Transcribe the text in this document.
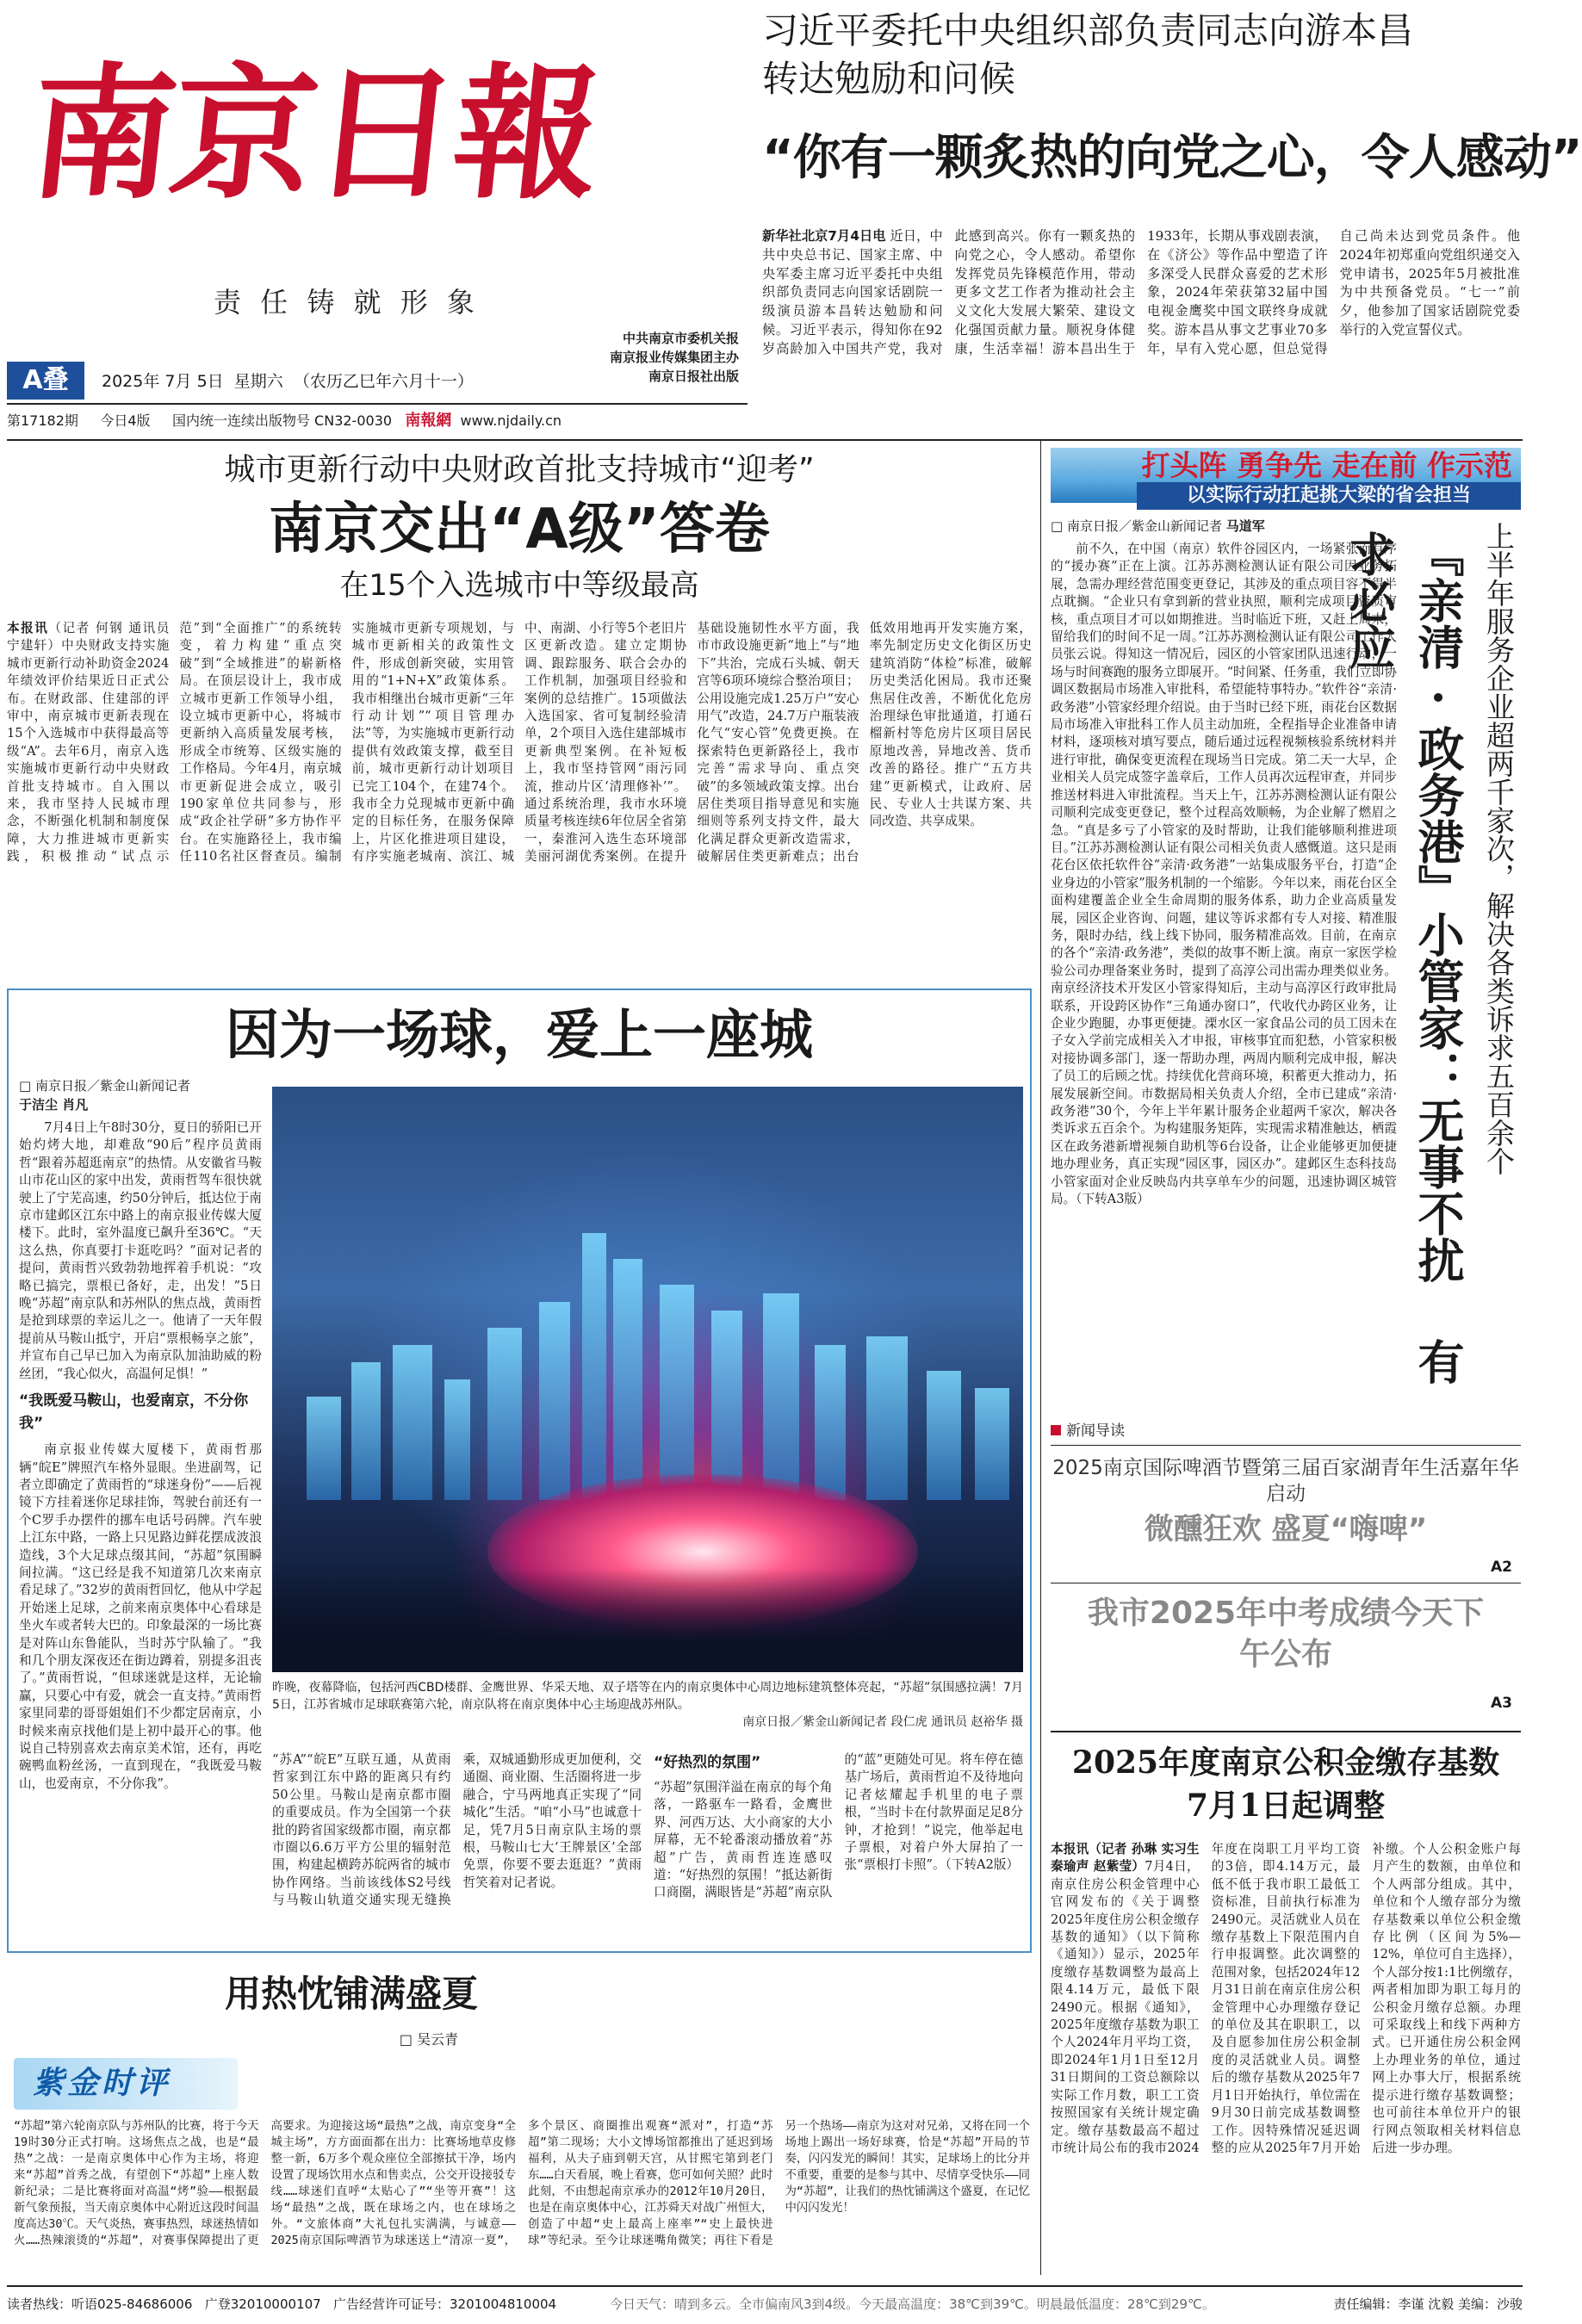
南京日報
责 任 铸 就 形 象
A叠	2025年 7月 5日 星期六 （农历乙巳年六月十一）
中共南京市委机关报
南京报业传媒集团主办
南京日报社出版
第17182期 今日4版 国内统一连续出版物号 CN32-0030 南報網 www.njdaily.cn
习近平委托中央组织部负责同志向游本昌
转达勉励和问候
“你有一颗炙热的向党之心，令人感动”
新华社北京7月4日电 近日，中共中央总书记、国家主席、中央军委主席习近平委托中央组织部负责同志向国家话剧院一级演员游本昌转达勉励和问候。习近平表示，得知你在92岁高龄加入中国共产党，我对此感到高兴。你有一颗炙热的向党之心，令人感动。希望你发挥党员先锋模范作用，带动更多文艺工作者为推动社会主义文化大发展大繁荣、建设文化强国贡献力量。顺祝身体健康，生活幸福！游本昌出生于1933年，长期从事戏剧表演，在《济公》等作品中塑造了许多深受人民群众喜爱的艺术形象，2024年荣获第32届中国电视金鹰奖中国文联终身成就奖。游本昌从事文艺事业70多年，早有入党心愿，但总觉得自己尚未达到党员条件。他2024年初郑重向党组织递交入党申请书，2025年5月被批准为中共预备党员。“七一”前夕，他参加了国家话剧院党委举行的入党宣誓仪式。
城市更新行动中央财政首批支持城市“迎考”
南京交出“A级”答卷
在15个入选城市中等级最高
本报讯（记者 何钢 通讯员 宁建轩）中央财政支持实施城市更新行动补助资金2024年绩效评价结果近日正式公布。在财政部、住建部的评审中，南京城市更新表现在15个入选城市中获得最高等级“A”。去年6月，南京入选实施城市更新行动中央财政首批支持城市。自入围以来，我市坚持人民城市理念，不断强化机制和制度保障，大力推进城市更新实践，积极推动“试点示范”到“全面推广”的系统转变，着力构建“重点突破”到“全域推进”的崭新格局。在顶层设计上，我市成立城市更新工作领导小组，设立城市更新中心，将城市更新纳入高质量发展考核，形成全市统筹、区级实施的工作格局。今年4月，南京城市更新促进会成立，吸引190家单位共同参与，形成“政企社学研”多方协作平台。在实施路径上，我市编任110名社区督查员。编制实施城市更新专项规划，与城市更新相关的政策性文件，形成创新突破，实用管用的“1+N+X”政策体系。我市相继出台城市更新“三年行动计划”“项目管理办法”等，为实施城市更新行动提供有效政策支撑，截至目前，城市更新行动计划项目已完工104个，在建74个。我市全力兑现城市更新中确定的目标任务，在服务保障上，片区化推进项目建设，有序实施老城南、滨江、城中、南湖、小行等5个老旧片区更新改造。建立定期协调、跟踪服务、联合会办的工作机制，加强项目经验和案例的总结推广。15项做法入选国家、省可复制经验清单，2个项目入选住建部城市更新典型案例。在补短板上，我市坚持管网“雨污同流，推动片区‘清理修补’”。通过系统治理，我市水环境质量考核连续6年位居全省第一，秦淮河入选生态环境部美丽河湖优秀案例。在提升基础设施韧性水平方面，我市市政设施更新“地上”与“地下”共治，完成石头城、朝天宫等6项环境综合整治项目；公用设施完成1.25万户“安心用气”改造，24.7万户瓶装液化气“安心管”免费更换。在探索特色更新路径上，我市完善“需求导向、重点突破”的多领域政策支撑。出台居住类项目指导意见和实施细则等系列支持文件，最大化满足群众更新改造需求，破解居住类更新难点；出台低效用地再开发实施方案，率先制定历史文化街区历史建筑消防“体检”标准，破解历史类活化困局。我市还聚焦居住改善，不断优化危房治理绿色审批通道，打通石榴新村等危房片区项目居民原地改善，异地改善、货币改善的路径。推广“五方共建”更新模式，让政府、居民、专业人士共谋方案、共同改造、共享成果。
因为一场球，爱上一座城
□ 南京日报／紫金山新闻记者
于洁尘 肖凡
7月4日上午8时30分，夏日的骄阳已开始灼烤大地，却难敌“90后”程序员黄雨哲“跟着苏超逛南京”的热情。从安徽省马鞍山市花山区的家中出发，黄雨哲驾车很快就驶上了宁芜高速，约50分钟后，抵达位于南京市建邺区江东中路上的南京报业传媒大厦楼下。此时，室外温度已飙升至36℃。“天这么热，你真要打卡逛吃吗？”面对记者的提问，黄雨哲兴致勃勃地挥着手机说：“攻略已搞完，票根已备好，走，出发！”5日晚“苏超”南京队和苏州队的焦点战，黄雨哲是抢到球票的幸运儿之一。他请了一天年假提前从马鞍山抵宁，开启“票根畅享之旅”，并宣布自己早已加入为南京队加油助威的粉丝团，“我心似火，高温何足惧！”
“我既爱马鞍山，也爱南京，不分你我”
南京报业传媒大厦楼下，黄雨哲那辆“皖E”牌照汽车格外显眼。坐进副驾，记者立即确定了黄雨哲的“球迷身份”——后视镜下方挂着迷你足球挂饰，驾驶台前还有一个C罗手办摆件的挪车电话号码牌。汽车驶上江东中路，一路上只见路边鲜花摆成波浪造线，3个大足球点缀其间，“苏超”氛围瞬间拉满。“这已经是我不知道第几次来南京看足球了。”32岁的黄雨哲回忆，他从中学起开始迷上足球，之前来南京奥体中心看球是坐火车或者转大巴的。印象最深的一场比赛是对阵山东鲁能队，当时苏宁队输了。“我和几个朋友深夜还在街边蹲着，别提多沮丧了。”黄雨哲说，“但球迷就是这样，无论输赢，只要心中有爱，就会一直支持。”黄雨哲家里同辈的哥哥姐姐们不少都定居南京，小时候来南京找他们是上初中最开心的事。他说自己特别喜欢去南京美术馆，还有，再吃碗鸭血粉丝汤，一直到现在，“我既爱马鞍山，也爱南京，不分你我”。
昨晚，夜幕降临，包括河西CBD楼群、金鹰世界、华采天地、双子塔等在内的南京奥体中心周边地标建筑整体亮起，“苏超”氛围感拉满！7月5日，江苏省城市足球联赛第六轮，南京队将在南京奥体中心主场迎战苏州队。
南京日报／紫金山新闻记者 段仁虎 通讯员 赵裕华 摄
“苏A”“皖E”互联互通，从黄雨哲家到江东中路的距离只有约50公里。马鞍山是南京都市圈的重要成员。作为全国第一个获批的跨省国家级都市圈，南京都市圈以6.6万平方公里的辐射范围，构建起横跨苏皖两省的城市协作网络。当前该线体S2号线与马鞍山轨道交通实现无缝换乘，双城通勤形成更加便利，交通圈、商业圈、生活圈将进一步融合，宁马两地真正实现了“同城化”生活。“咱“小马”也诚意十足，凭7月5日南京队主场的票根，马鞍山七大‘王牌景区’全部免票，你要不要去逛逛？”黄雨哲笑着对记者说。
“好热烈的氛围”
“苏超”氛围洋溢在南京的每个角落，一路驱车一路看，金鹰世界、河西万达、大小商家的大小屏幕，无不轮番滚动播放着“苏超”广告，黄雨哲连连感叹道：“好热烈的氛围！”抵达新街口商圈，满眼皆是“苏超”南京队的“蓝”更随处可见。将车停在德基广场后，黄雨哲迫不及待地向记者炫耀起手机里的电子票根，“当时卡在付款界面足足8分钟，才抢到！”说完，他举起电子票根，对着户外大屏拍了一张“票根打卡照”。（下转A2版）
用热忱铺满盛夏
□ 吴云青
紫金时评
“苏超”第六轮南京队与苏州队的比赛，将于今天19时30分正式打响。这场焦点之战，也是“最热”之战：一是南京奥体中心作为主场，将迎来“苏超”首秀之战，有望创下“苏超”上座人数新纪录；二是比赛将面对高温“烤”验——根据最新气象预报，当天南京奥体中心附近这段时间温度高达30℃。天气炎热，赛事热烈，球迷热情如火……热辣滚烫的“苏超”，对赛事保障提出了更高要求。为迎接这场“最热”之战，南京变身“全城主场”，方方面面都在出力：比赛场地草皮修整一新，6万多个观众座位全部擦拭干净，场内设置了现场饮用水点和售卖点，公交开设接驳专线……球迷们直呼“太贴心了”“坐等开赛”！这场“最热”之战，既在球场之内，也在球场之外。“文旅体商”大礼包扎实满满，与诚意——2025南京国际啤酒节为球迷送上“清凉一夏”，多个景区、商圈推出观赛“派对”，打造“苏超”第二现场；大小文博场馆都推出了延迟到场福利，从夫子庙到朝天宫，从甘熙宅第到老门东……白天看展，晚上看赛，您可如何关照？此时此刻，不由想起南京承办的2012年10月20日，也是在南京奥体中心，江苏舜天对战广州恒大，创造了中超“史上最高上座率”“史上最快进球”等纪录。至今让球迷嘴角微笑；再往下看是另一个热场——南京为这对对兄弟，又将在同一个场地上踢出一场好球赛，恰是“苏超”开局的节奏，闪闪发光的瞬间！其实，足球场上的比分并不重要，重要的是参与其中、尽情享受快乐——同为“苏超”，让我们的热忱铺满这个盛夏，在记忆中闪闪发光！
打头阵 勇争先 走在前 作示范
以实际行动扛起挑大梁的省会担当
□ 南京日报／紫金山新闻记者 马道军
前不久，在中国（南京）软件谷园区内，一场紧张而有序的“援办赛”正在上演。江苏苏测检测认证有限公司因业务拓展，急需办理经营范围变更登记，其涉及的重点项目容不得半点耽搁。“企业只有拿到新的营业执照，顺利完成项目资质审核，重点项目才可以如期推进。当时临近下班，又赶上周末，留给我们的时间不足一周。”江苏苏测检测认证有限公司工作人员张云说。得知这一情况后，园区的小管家团队迅速行动，一场与时间赛跑的服务立即展开。“时间紧、任务重，我们立即协调区数据局市场准入审批科，希望能特事特办。”软件谷“亲清·政务港”小管家经理介绍说。由于当时已经下班，雨花台区数据局市场准入审批科工作人员主动加班，全程指导企业准备申请材料，逐项核对填写要点，随后通过远程视频核验系统材料并进行审批，确保变更流程在现场当日完成。第二天一大早，企业相关人员完成签字盖章后，工作人员再次远程审查，并同步推送材料进入审批流程。当天上午，江苏苏测检测认证有限公司顺利完成变更登记，整个过程高效顺畅，为企业解了燃眉之急。“真是多亏了小管家的及时帮助，让我们能够顺利推进项目。”江苏苏测检测认证有限公司相关负责人感慨道。这只是雨花台区依托软件谷“亲清·政务港”一站集成服务平台，打造“企业身边的小管家”服务机制的一个缩影。今年以来，雨花台区全面构建覆盖企业全生命周期的服务体系，助力企业高质量发展，园区企业咨询、问题，建议等诉求都有专人对接、精准服务，限时办结，线上线下协同，服务精准高效。目前，在南京的各个“亲清·政务港”，类似的故事不断上演。南京一家医学检验公司办理备案业务时，提到了高淳公司出需办理类似业务。南京经济技术开发区小管家得知后，主动与高淳区行政审批局联系，开设跨区协作“三角通办窗口”，代收代办跨区业务，让企业少跑腿，办事更便捷。溧水区一家食品公司的员工因未在子女入学前完成相关入才申报，审核事宜而犯愁，小管家积极对接协调多部门，逐一帮助办理，两周内顺利完成申报，解决了员工的后顾之忧。持续优化营商环境，积蓄更大推动力，拓展发展新空间。市数据局相关负责人介绍，全市已建成“亲清·政务港”30个，今年上半年累计服务企业超两千家次，解决各类诉求五百余个。为构建服务矩阵，实现需求精准触达，栖霞区在政务港新增视频自助机等6台设备，让企业能够更加便捷地办理业务，真正实现“园区事，园区办”。建邺区生态科技岛小管家面对企业反映岛内共享单车少的问题，迅速协调区城管局。（下转A3版）	『亲清·政务港』小管家：无事不扰 有求必应	上半年服务企业超两千家次，解决各类诉求五百余个
新闻导读
2025南京国际啤酒节暨第三届百家湖青年生活嘉年华启动
微醺狂欢 盛夏“嗨啤”
A2
我市2025年中考成绩今天下午公布
A3
2025年度南京公积金缴存基数
7月1日起调整
本报讯（记者 孙琳 实习生 秦瑜声 赵紫莹）7月4日，南京住房公积金管理中心官网发布的《关于调整2025年度住房公积金缴存基数的通知》（以下简称《通知》）显示，2025年度缴存基数调整为最高上限4.14万元，最低下限2490元。根据《通知》，2025年度缴存基数为职工个人2024年月平均工资，即2024年1月1日至12月31日期间的工资总额除以实际工作月数，职工工资按照国家有关统计规定确定。缴存基数最高不超过市统计局公布的我市2024年度在岗职工月平均工资的3倍，即4.14万元，最低不低于我市职工最低工资标准，目前执行标准为2490元。灵活就业人员在缴存基数上下限范围内自行申报调整。此次调整的范围对象，包括2024年12月31日前在南京住房公积金管理中心办理缴存登记的单位及其在职职工，以及自愿参加住房公积金制度的灵活就业人员。调整后的缴存基数从2025年7月1日开始执行，单位需在9月30日前完成基数调整工作。因特殊情况延迟调整的应从2025年7月开始补缴。个人公积金账户每月产生的数额，由单位和个人两部分组成。其中，单位和个人缴存部分为缴存基数乘以单位公积金缴存比例（区间为5%—12%，单位可自主选择），个人部分按1:1比例缴存，两者相加即为职工每月的公积金月缴存总额。办理可采取线上和线下两种方式。已开通住房公积金网上办理业务的单位，通过网上办事大厅，根据系统提示进行缴存基数调整；也可前往本单位开户的银行网点领取相关材料信息后进一步办理。
读者热线：听语025-84686006 广登32010000107 广告经营许可证号：3201004810004	今日天气：晴到多云。全市偏南风3到4级。今天最高温度：38℃到39℃。明晨最低温度：28℃到29℃。	责任编辑：李谨 沈毅 美编：沙骏
